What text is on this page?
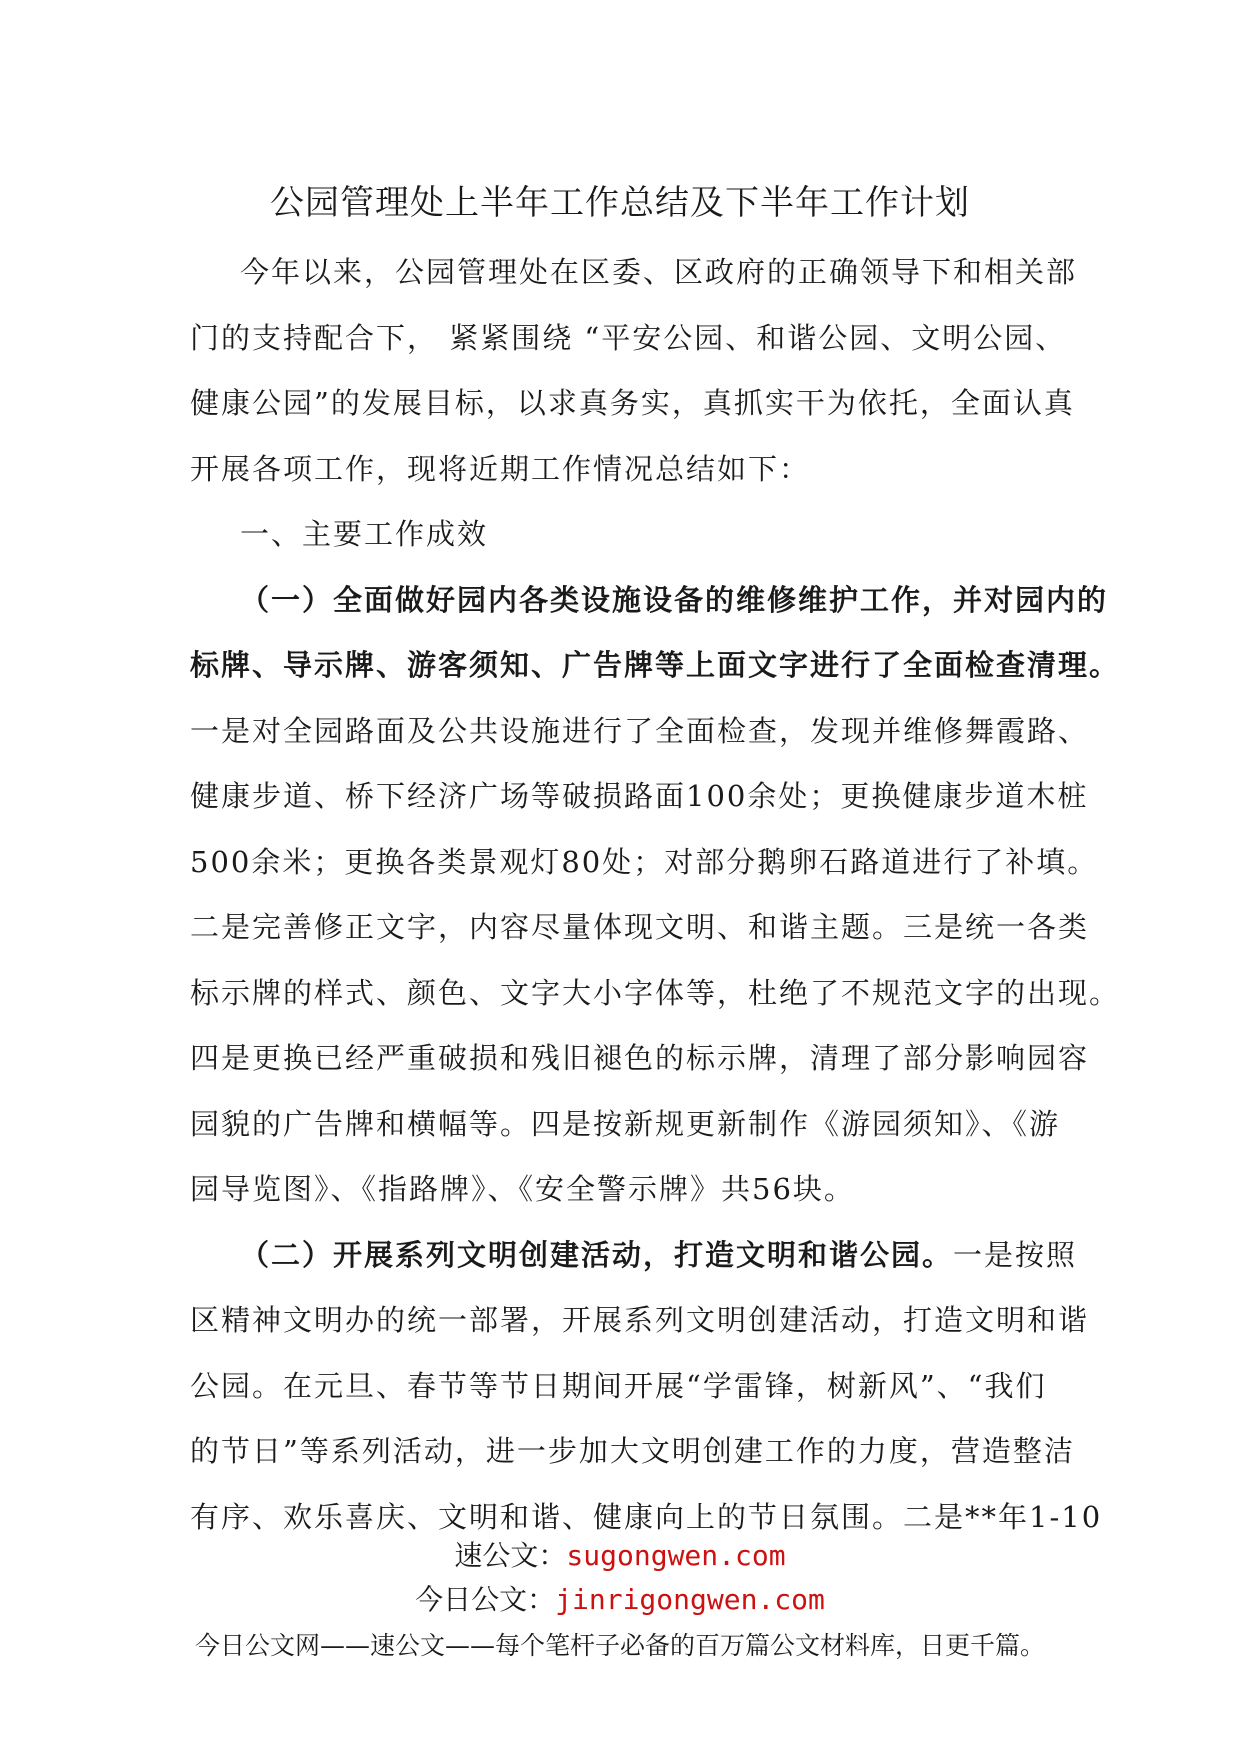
公园管理处上半年工作总结及下半年工作计划
今年以来，公园管理处在区委、区政府的正确领导下和相关部
门的支持配合下， 紧紧围绕 “平安公园、和谐公园、文明公园、
健康公园”的发展目标，以求真务实，真抓实干为依托，全面认真
开展各项工作，现将近期工作情况总结如下：
一、主要工作成效
（一）全面做好园内各类设施设备的维修维护工作，并对园内的
标牌、导示牌、游客须知、广告牌等上面文字进行了全面检查清理。
一是对全园路面及公共设施进行了全面检查，发现并维修舞霞路、
健康步道、桥下经济广场等破损路面100余处；更换健康步道木桩
500余米；更换各类景观灯80处；对部分鹅卵石路道进行了补填。
二是完善修正文字，内容尽量体现文明、和谐主题。三是统一各类
标示牌的样式、颜色、文字大小字体等，杜绝了不规范文字的出现。
四是更换已经严重破损和残旧褪色的标示牌，清理了部分影响园容
园貌的广告牌和横幅等。四是按新规更新制作《游园须知》、《游
园导览图》、《指路牌》、《安全警示牌》共56块。
（二）开展系列文明创建活动，打造文明和谐公园。一是按照
区精神文明办的统一部署，开展系列文明创建活动，打造文明和谐
公园。在元旦、春节等节日期间开展“学雷锋，树新风”、“我们
的节日”等系列活动，进一步加大文明创建工作的力度，营造整洁
有序、欢乐喜庆、文明和谐、健康向上的节日氛围。二是**年1-10
速公文：sugongwen.com
今日公文：jinrigongwen.com
今日公文网——速公文——每个笔杆子必备的百万篇公文材料库，日更千篇。
